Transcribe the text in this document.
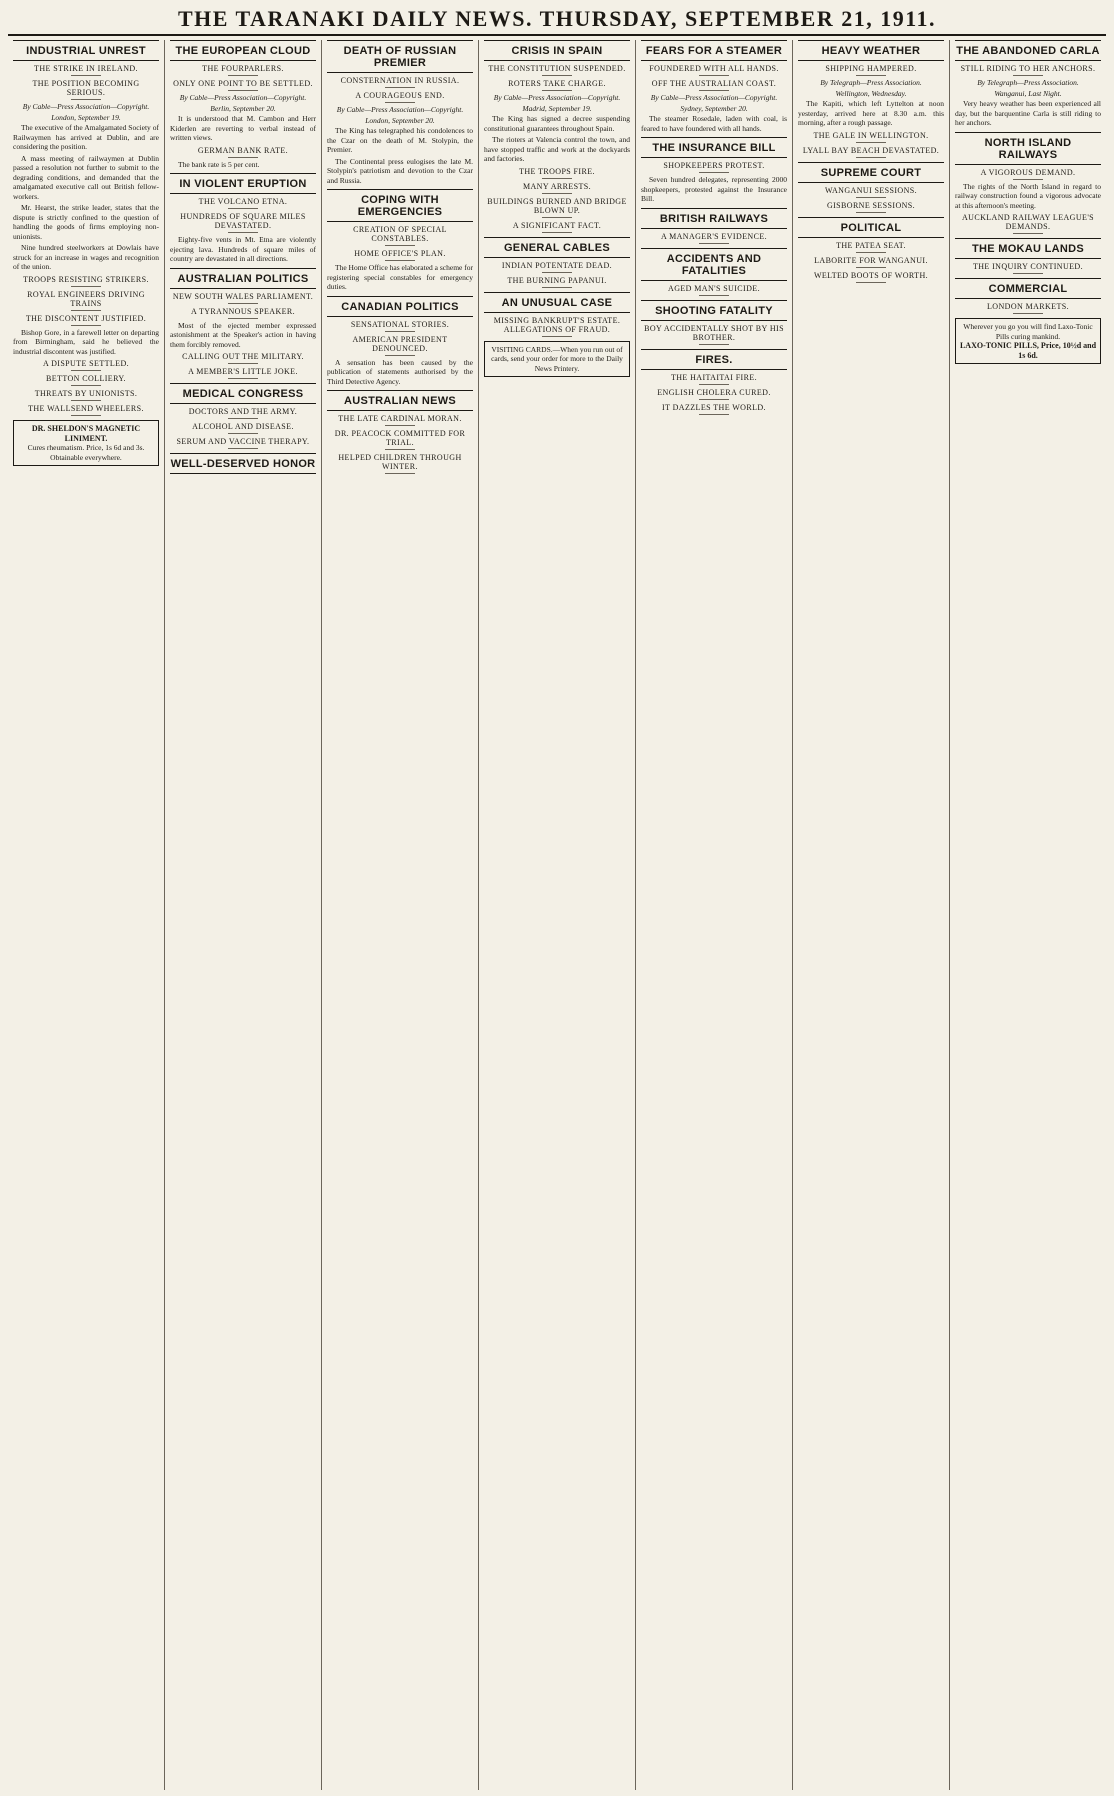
THE TARANAKI DAILY NEWS. THURSDAY, SEPTEMBER 21, 1911.
INDUSTRIAL UNREST
THE STRIKE IN IRELAND.
THE POSITION BECOMING SERIOUS.

By Cable—Press Association—Copyright.

London, September 19.

The executive of the Amalgamated Society of Railwaymen has arrived at Dublin, and are considering the position.

A mass meeting of railwaymen at Dublin passed a resolution not further to submit to the degrading conditions, and demanded that the amalgamated executive call out British fellow-workers.

Mr. Hearst, the strike leader, states that the dispute is strictly confined to the question of handling the goods of firms employing non-unionists.

Nine hundred steelworkers at Dowlais have struck for an increase in wages and recognition of the union.

TROOPS RESISTING STRIKERS.
ROYAL ENGINEERS DRIVING TRAINS
THE DISCONTENT JUSTIFIED.

Bishop Gore, in a farewell letter on departing from Birmingham, said he believed the industrial discontent was justified.

A DISPUTE SETTLED.
BETTON COLLIERY.
THREATS BY UNIONISTS.
THE WALLSEND WHEELERS.

DR. SHELDON'S MAGNETIC LINIMENT.

Cures rheumatism. Price, 1s 6d and 3s. Obtainable everywhere.

THE EUROPEAN CLOUD
THE FOURPARLERS.
ONLY ONE POINT TO BE SETTLED.

By Cable—Press Association—Copyright.

Berlin, September 20.

It is understood that M. Cambon and Herr Kiderlen are reverting to verbal instead of written views.

GERMAN BANK RATE.

The bank rate is 5 per cent.

IN VIOLENT ERUPTION
THE VOLCANO ETNA.
HUNDREDS OF SQUARE MILES DEVASTATED.

Eighty-five vents in Mt. Etna are violently ejecting lava. Hundreds of square miles of country are devastated in all directions.

AUSTRALIAN POLITICS
NEW SOUTH WALES PARLIAMENT.
A TYRANNOUS SPEAKER.

Most of the ejected member expressed astonishment at the Speaker's action in having them forcibly removed.

CALLING OUT THE MILITARY.
A MEMBER'S LITTLE JOKE.
MEDICAL CONGRESS
DOCTORS AND THE ARMY.
ALCOHOL AND DISEASE.
SERUM AND VACCINE THERAPY.
WELL-DESERVED HONOR
DEATH OF RUSSIAN PREMIER
CONSTERNATION IN RUSSIA.
A COURAGEOUS END.

By Cable—Press Association—Copyright.

London, September 20.

The King has telegraphed his condolences to the Czar on the death of M. Stolypin, the Premier.

The Continental press eulogises the late M. Stolypin's patriotism and devotion to the Czar and Russia.

COPING WITH EMERGENCIES
CREATION OF SPECIAL CONSTABLES.
HOME OFFICE'S PLAN.

The Home Office has elaborated a scheme for registering special constables for emergency duties.

CANADIAN POLITICS
SENSATIONAL STORIES.
AMERICAN PRESIDENT DENOUNCED.

A sensation has been caused by the publication of statements authorised by the Third Detective Agency.

AUSTRALIAN NEWS
THE LATE CARDINAL MORAN.
DR. PEACOCK COMMITTED FOR TRIAL.
HELPED CHILDREN THROUGH WINTER.
CRISIS IN SPAIN
THE CONSTITUTION SUSPENDED.
ROTERS TAKE CHARGE.

By Cable—Press Association—Copyright.

Madrid, September 19.

The King has signed a decree suspending constitutional guarantees throughout Spain.

The rioters at Valencia control the town, and have stopped traffic and work at the dockyards and factories.

THE TROOPS FIRE.
MANY ARRESTS.
BUILDINGS BURNED AND BRIDGE BLOWN UP.
A SIGNIFICANT FACT.
GENERAL CABLES
INDIAN POTENTATE DEAD.
THE BURNING PAPANUI.
AN UNUSUAL CASE
MISSING BANKRUPT'S ESTATE. ALLEGATIONS OF FRAUD.

VISITING CARDS.—When you run out of cards, send your order for more to the Daily News Printery.

FEARS FOR A STEAMER
FOUNDERED WITH ALL HANDS.
OFF THE AUSTRALIAN COAST.

By Cable—Press Association—Copyright.

Sydney, September 20.

The steamer Rosedale, laden with coal, is feared to have foundered with all hands.

THE INSURANCE BILL
SHOPKEEPERS PROTEST.

Seven hundred delegates, representing 2000 shopkeepers, protested against the Insurance Bill.

BRITISH RAILWAYS
A MANAGER'S EVIDENCE.
ACCIDENTS AND FATALITIES
AGED MAN'S SUICIDE.
SHOOTING FATALITY
BOY ACCIDENTALLY SHOT BY HIS BROTHER.
FIRES.
THE HAITAITAI FIRE.
ENGLISH CHOLERA CURED.
IT DAZZLES THE WORLD.
HEAVY WEATHER
SHIPPING HAMPERED.

By Telegraph—Press Association.

Wellington, Wednesday.

The Kapiti, which left Lyttelton at noon yesterday, arrived here at 8.30 a.m. this morning, after a rough passage.

THE GALE IN WELLINGTON.
LYALL BAY BEACH DEVASTATED.
SUPREME COURT
WANGANUI SESSIONS.
GISBORNE SESSIONS.
POLITICAL
THE PATEA SEAT.
LABORITE FOR WANGANUI.
WELTED BOOTS OF WORTH.
THE ABANDONED CARLA
STILL RIDING TO HER ANCHORS.

By Telegraph—Press Association.

Wanganui, Last Night.

Very heavy weather has been experienced all day, but the barquentine Carla is still riding to her anchors.

NORTH ISLAND RAILWAYS
A VIGOROUS DEMAND.

The rights of the North Island in regard to railway construction found a vigorous advocate at this afternoon's meeting.

AUCKLAND RAILWAY LEAGUE'S DEMANDS.
THE MOKAU LANDS
THE INQUIRY CONTINUED.
COMMERCIAL
LONDON MARKETS.

Wherever you go you will find Laxo-Tonic Pills curing mankind.

LAXO-TONIC PILLS, Price, 10½d and 1s 6d.
